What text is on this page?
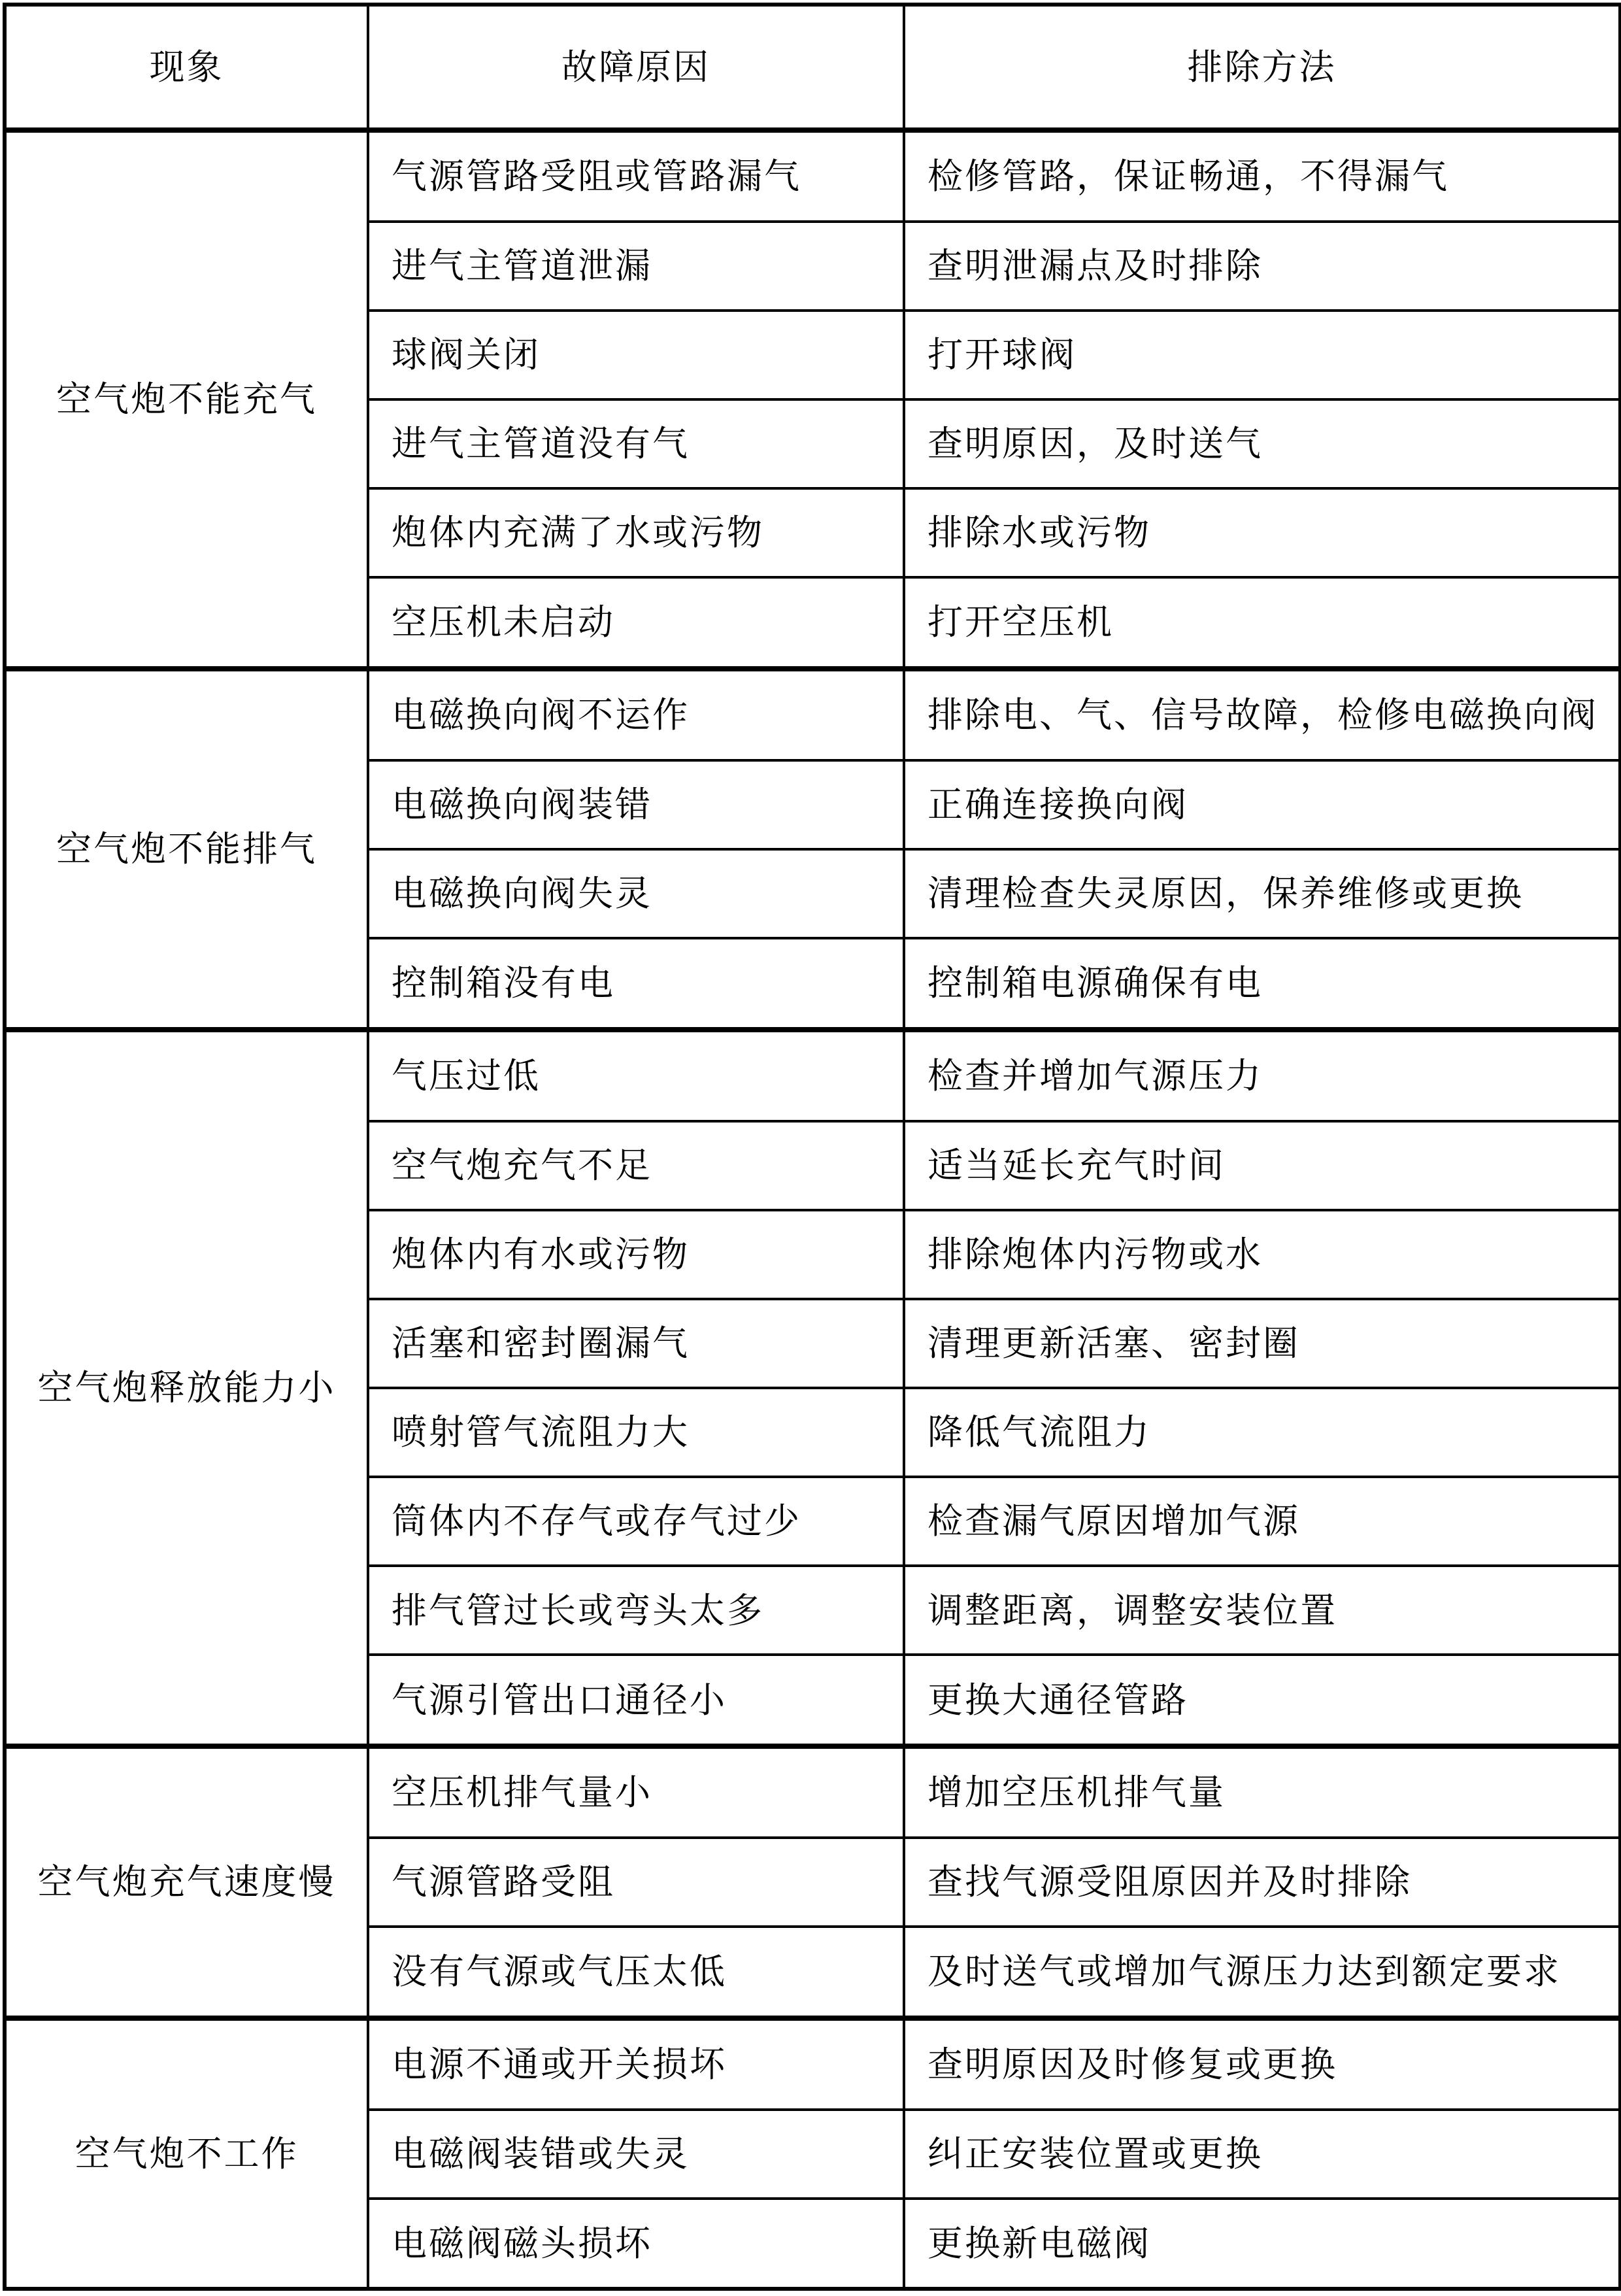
现象	故障原因	排除方法
空气炮不能充气	气源管路受阻或管路漏气	检修管路，保证畅通，不得漏气
	进气主管道泄漏	查明泄漏点及时排除
	球阀关闭	打开球阀
	进气主管道没有气	查明原因，及时送气
	炮体内充满了水或污物	排除水或污物
	空压机未启动	打开空压机
空气炮不能排气	电磁换向阀不运作	排除电、气、信号故障，检修电磁换向阀
	电磁换向阀装错	正确连接换向阀
	电磁换向阀失灵	清理检查失灵原因，保养维修或更换
	控制箱没有电	控制箱电源确保有电
空气炮释放能力小	气压过低	检查并增加气源压力
	空气炮充气不足	适当延长充气时间
	炮体内有水或污物	排除炮体内污物或水
	活塞和密封圈漏气	清理更新活塞、密封圈
	喷射管气流阻力大	降低气流阻力
	筒体内不存气或存气过少	检查漏气原因增加气源
	排气管过长或弯头太多	调整距离，调整安装位置
	气源引管出口通径小	更换大通径管路
空气炮充气速度慢	空压机排气量小	增加空压机排气量
	气源管路受阻	查找气源受阻原因并及时排除
	没有气源或气压太低	及时送气或增加气源压力达到额定要求
空气炮不工作	电源不通或开关损坏	查明原因及时修复或更换
	电磁阀装错或失灵	纠正安装位置或更换
	电磁阀磁头损坏	更换新电磁阀
